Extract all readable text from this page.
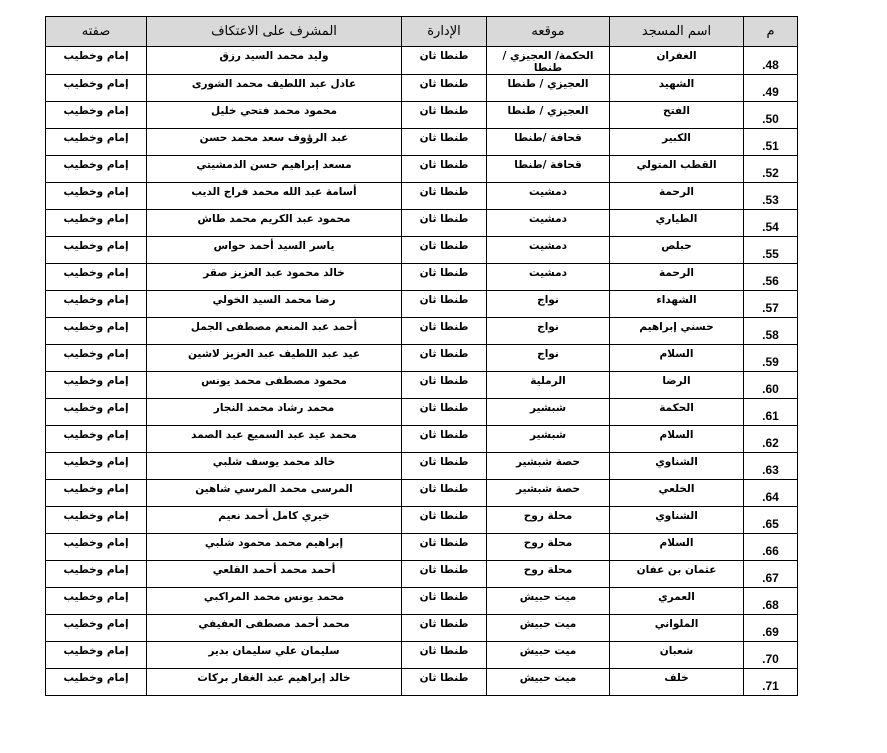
م	اسم المسجد	موقعه	الإدارة	المشرف على الاعتكاف	صفته
.48	الغفران	الحكمة/ العجيزي / طنطا	طنطا ثان	وليد محمد السيد رزق	إمام وخطيب
.49	الشهيد	العجيزي / طنطا	طنطا ثان	عادل عبد اللطيف محمد الشورى	إمام وخطيب
.50	الفتح	العجيزي / طنطا	طنطا ثان	محمود محمد فتحي خليل	إمام وخطيب
.51	الكبير	قحافة /طنطا	طنطا ثان	عبد الرؤوف سعد محمد حسن	إمام وخطيب
.52	القطب المتولي	قحافة /طنطا	طنطا ثان	مسعد إبراهيم حسن الدمشيتي	إمام وخطيب
.53	الرحمة	دمشيت	طنطا ثان	أسامة عبد الله محمد فراج الديب	إمام وخطيب
.54	الطياري	دمشيت	طنطا ثان	محمود عبد الكريم محمد طاش	إمام وخطيب
.55	حبلص	دمشيت	طنطا ثان	ياسر السيد أحمد حواس	إمام وخطيب
.56	الرحمة	دمشيت	طنطا ثان	خالد محمود عبد العزيز صقر	إمام وخطيب
.57	الشهداء	نواج	طنطا ثان	رضا محمد السيد الخولي	إمام وخطيب
.58	حسني إبراهيم	نواج	طنطا ثان	أحمد عبد المنعم مصطفى الجمل	إمام وخطيب
.59	السلام	نواج	طنطا ثان	عيد عبد اللطيف عبد العزيز لاشين	إمام وخطيب
.60	الرضا	الرملية	طنطا ثان	محمود مصطفى محمد يونس	إمام وخطيب
.61	الحكمة	شبشير	طنطا ثان	محمد رشاد محمد النجار	إمام وخطيب
.62	السلام	شبشير	طنطا ثان	محمد عيد عبد السميع عبد الصمد	إمام وخطيب
.63	الشناوي	حصة شبشير	طنطا ثان	خالد محمد يوسف شلبي	إمام وخطيب
.64	الخلعي	حصة شبشير	طنطا ثان	المرسى محمد المرسي شاهين	إمام وخطيب
.65	الشناوي	محلة روح	طنطا ثان	خيري كامل أحمد نعيم	إمام وخطيب
.66	السلام	محلة روح	طنطا ثان	إبراهيم محمد محمود شلبي	إمام وخطيب
.67	عثمان بن عفان	محلة روح	طنطا ثان	أحمد محمد أحمد القلعي	إمام وخطيب
.68	العمري	ميت حبيش	طنطا ثان	محمد يونس محمد المراكبي	إمام وخطيب
.69	الملواني	ميت حبيش	طنطا ثان	محمد أحمد مصطفى العفيفي	إمام وخطيب
.70	شعبان	ميت حبيش	طنطا ثان	سليمان علي سليمان بدير	إمام وخطيب
.71	خلف	ميت حبيش	طنطا ثان	خالد إبراهيم عبد الغفار بركات	إمام وخطيب
